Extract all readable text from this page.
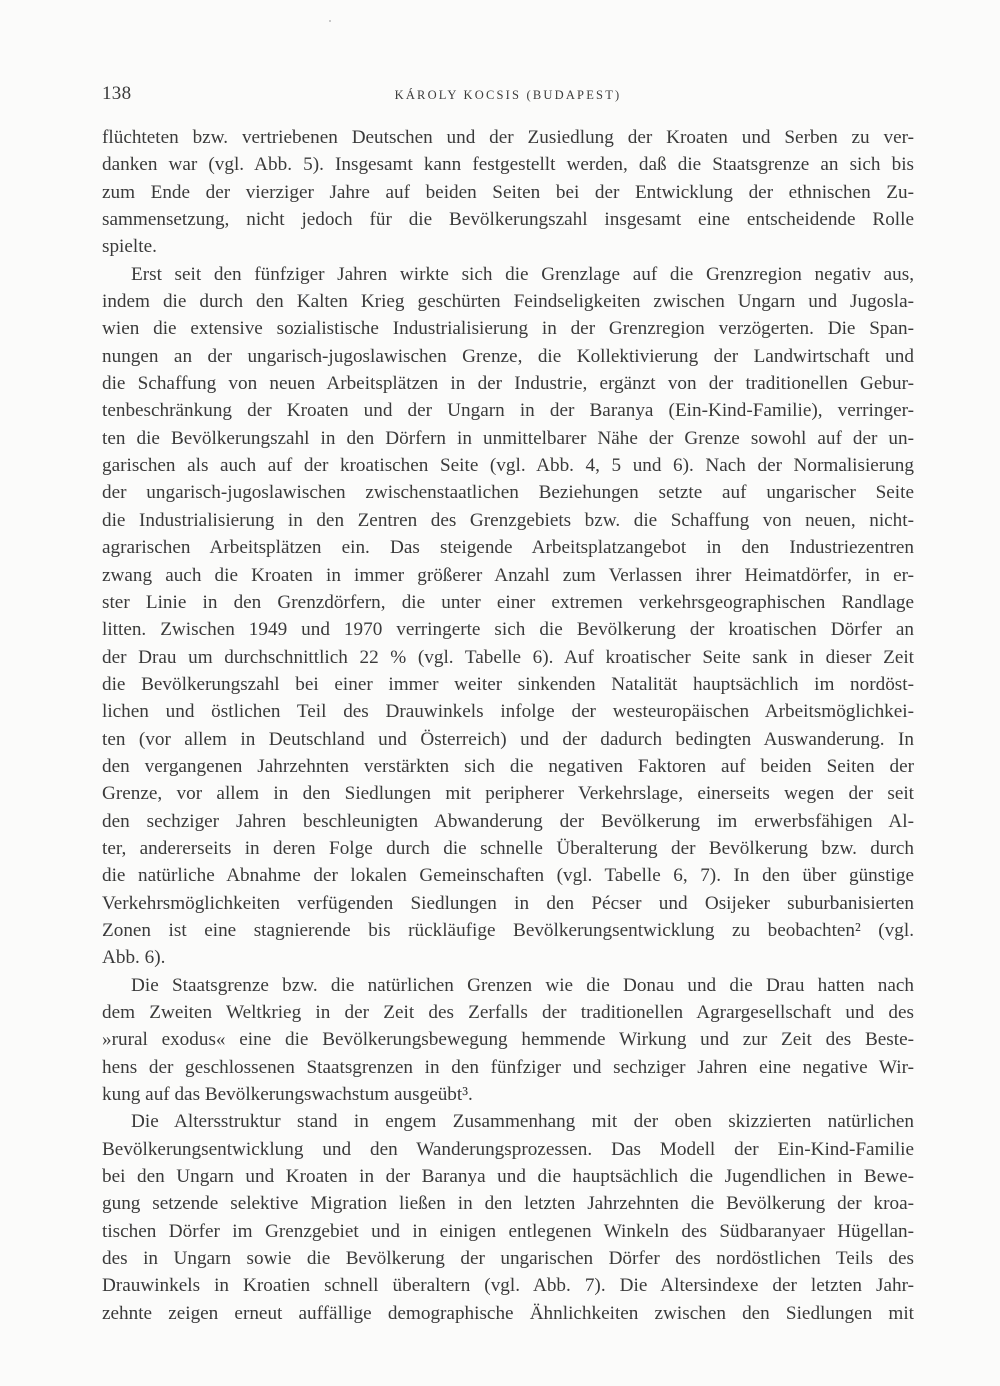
138	KÁROLY KOCSIS (BUDAPEST)
flüchteten bzw. vertriebenen Deutschen und der Zusiedlung der Kroaten und Serben zu ver-
danken war (vgl. Abb. 5). Insgesamt kann festgestellt werden, daß die Staatsgrenze an sich bis
zum Ende der vierziger Jahre auf beiden Seiten bei der Entwicklung der ethnischen Zu-
sammensetzung, nicht jedoch für die Bevölkerungszahl insgesamt eine entscheidende Rolle
spielte.
Erst seit den fünfziger Jahren wirkte sich die Grenzlage auf die Grenzregion negativ aus,
indem die durch den Kalten Krieg geschürten Feindseligkeiten zwischen Ungarn und Jugosla-
wien die extensive sozialistische Industrialisierung in der Grenzregion verzögerten. Die Span-
nungen an der ungarisch-jugoslawischen Grenze, die Kollektivierung der Landwirtschaft und
die Schaffung von neuen Arbeitsplätzen in der Industrie, ergänzt von der traditionellen Gebur-
tenbeschränkung der Kroaten und der Ungarn in der Baranya (Ein-Kind-Familie), verringer-
ten die Bevölkerungszahl in den Dörfern in unmittelbarer Nähe der Grenze sowohl auf der un-
garischen als auch auf der kroatischen Seite (vgl. Abb. 4, 5 und 6). Nach der Normalisierung
der ungarisch-jugoslawischen zwischenstaatlichen Beziehungen setzte auf ungarischer Seite
die Industrialisierung in den Zentren des Grenzgebiets bzw. die Schaffung von neuen, nicht-
agrarischen Arbeitsplätzen ein. Das steigende Arbeitsplatzangebot in den Industriezentren
zwang auch die Kroaten in immer größerer Anzahl zum Verlassen ihrer Heimatdörfer, in er-
ster Linie in den Grenzdörfern, die unter einer extremen verkehrsgeographischen Randlage
litten. Zwischen 1949 und 1970 verringerte sich die Bevölkerung der kroatischen Dörfer an
der Drau um durchschnittlich 22 % (vgl. Tabelle 6). Auf kroatischer Seite sank in dieser Zeit
die Bevölkerungszahl bei einer immer weiter sinkenden Natalität hauptsächlich im nordöst-
lichen und östlichen Teil des Drauwinkels infolge der westeuropäischen Arbeitsmöglichkei-
ten (vor allem in Deutschland und Österreich) und der dadurch bedingten Auswanderung. In
den vergangenen Jahrzehnten verstärkten sich die negativen Faktoren auf beiden Seiten der
Grenze, vor allem in den Siedlungen mit peripherer Verkehrslage, einerseits wegen der seit
den sechziger Jahren beschleunigten Abwanderung der Bevölkerung im erwerbsfähigen Al-
ter, andererseits in deren Folge durch die schnelle Überalterung der Bevölkerung bzw. durch
die natürliche Abnahme der lokalen Gemeinschaften (vgl. Tabelle 6, 7). In den über günstige
Verkehrsmöglichkeiten verfügenden Siedlungen in den Pécser und Osijeker suburbanisierten
Zonen ist eine stagnierende bis rückläufige Bevölkerungsentwicklung zu beobachten² (vgl.
Abb. 6).
Die Staatsgrenze bzw. die natürlichen Grenzen wie die Donau und die Drau hatten nach
dem Zweiten Weltkrieg in der Zeit des Zerfalls der traditionellen Agrargesellschaft und des
»rural exodus« eine die Bevölkerungsbewegung hemmende Wirkung und zur Zeit des Beste-
hens der geschlossenen Staatsgrenzen in den fünfziger und sechziger Jahren eine negative Wir-
kung auf das Bevölkerungswachstum ausgeübt³.
Die Altersstruktur stand in engem Zusammenhang mit der oben skizzierten natürlichen
Bevölkerungsentwicklung und den Wanderungsprozessen. Das Modell der Ein-Kind-Familie
bei den Ungarn und Kroaten in der Baranya und die hauptsächlich die Jugendlichen in Bewe-
gung setzende selektive Migration ließen in den letzten Jahrzehnten die Bevölkerung der kroa-
tischen Dörfer im Grenzgebiet und in einigen entlegenen Winkeln des Südbaranyaer Hügellan-
des in Ungarn sowie die Bevölkerung der ungarischen Dörfer des nordöstlichen Teils des
Drauwinkels in Kroatien schnell überaltern (vgl. Abb. 7). Die Altersindexe der letzten Jahr-
zehnte zeigen erneut auffällige demographische Ähnlichkeiten zwischen den Siedlungen mit
